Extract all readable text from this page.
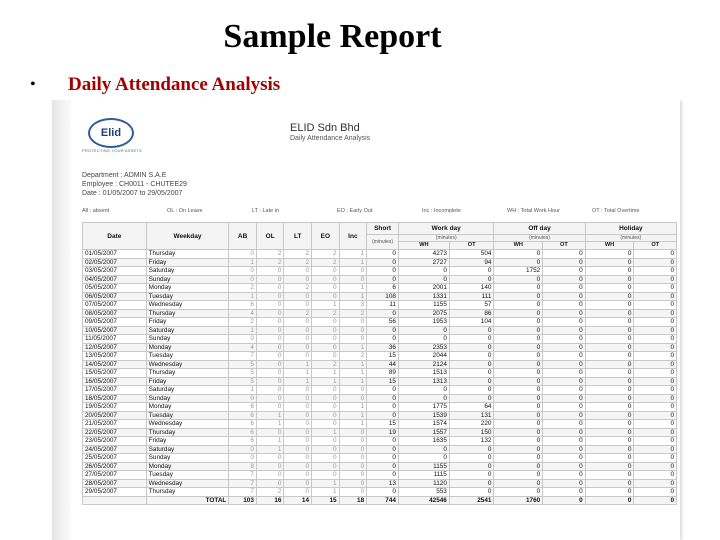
Sample Report
•	Daily Attendance Analysis
Elid
PROTECTING YOUR ASSETS
ELID Sdn Bhd
Daily Attendance Analysis
Department : ADMIN S.A.E
Employee : CH0011 - CHUTEE29
Date : 01/05/2007 to 29/05/2007
All : absent	OL : On Leave	LT : Late in	EO : Early Out	Inc : Incomplete	WH : Total Work Hour	OT : Total Overtime
Date	Weekday	AB	OL	LT	EO	Inc	Short	Work day		Off day		Holiday	
							(minutes)	(minutes)		(minutes)		(minutes)	
								WH	OT	WH	OT	WH	OT
01/05/2007	Thursday	0	2	2	2	1	0	4273	504	0	0	0	0
02/05/2007	Friday	1	2	2	2	1	0	2727	94	0	0	0	0
03/05/2007	Saturday	0	0	0	0	0	0	0	0	1752	0	0	0
04/05/2007	Sunday	0	0	0	0	0	0	0	0	0	0	0	0
05/05/2007	Monday	2	0	2	0	1	6	2001	140	0	0	0	0
06/05/2007	Tuesday	1	0	0	0	1	108	1331	111	0	0	0	0
07/05/2007	Wednesday	6	0	0	1	3	11	1155	57	0	0	0	0
08/05/2007	Thursday	4	0	2	2	2	0	2075	86	0	0	0	0
09/05/2007	Friday	2	0	0	0	0	56	1953	104	0	0	0	0
10/05/2007	Saturday	1	0	0	0	0	0	0	0	0	0	0	0
11/05/2007	Sunday	0	0	0	0	0	0	0	0	0	0	0	0
12/05/2007	Monday	4	0	0	0	1	36	2353	0	0	0	0	0
13/05/2007	Tuesday	7	0	0	0	2	15	2044	0	0	0	0	0
14/05/2007	Wednesday	5	0	1	2	1	44	2124	0	0	0	0	0
15/05/2007	Thursday	5	0	1	1	1	89	1513	0	0	0	0	0
16/05/2007	Friday	5	0	1	1	1	15	1313	0	0	0	0	0
17/05/2007	Saturday	1	0	0	0	0	0	0	0	0	0	0	0
18/05/2007	Sunday	0	0	0	0	0	0	0	0	0	0	0	0
19/05/2007	Monday	6	0	0	0	1	0	1775	64	0	0	0	0
20/05/2007	Tuesday	6	1	0	0	1	0	1539	131	0	0	0	0
21/05/2007	Wednesday	6	1	0	0	1	15	1574	220	0	0	0	0
22/05/2007	Thursday	6	0	0	1	0	19	1557	150	0	0	0	0
23/05/2007	Friday	6	1	0	0	0	0	1635	132	0	0	0	0
24/05/2007	Saturday	0	1	0	0	0	0	0	0	0	0	0	0
25/05/2007	Sunday	0	0	0	0	0	0	0	0	0	0	0	0
26/05/2007	Monday	8	0	0	0	0	0	1155	0	0	0	0	0
27/05/2007	Tuesday	7	0	0	0	0	0	1115	0	0	0	0	0
28/05/2007	Wednesday	7	0	0	1	0	13	1120	0	0	0	0	0
29/05/2007	Thursday	7	2	0	1	0	0	553	0	0	0	0	0
	TOTAL	103	16	14	15	18	744	42546	2541	1760	0	0	0
